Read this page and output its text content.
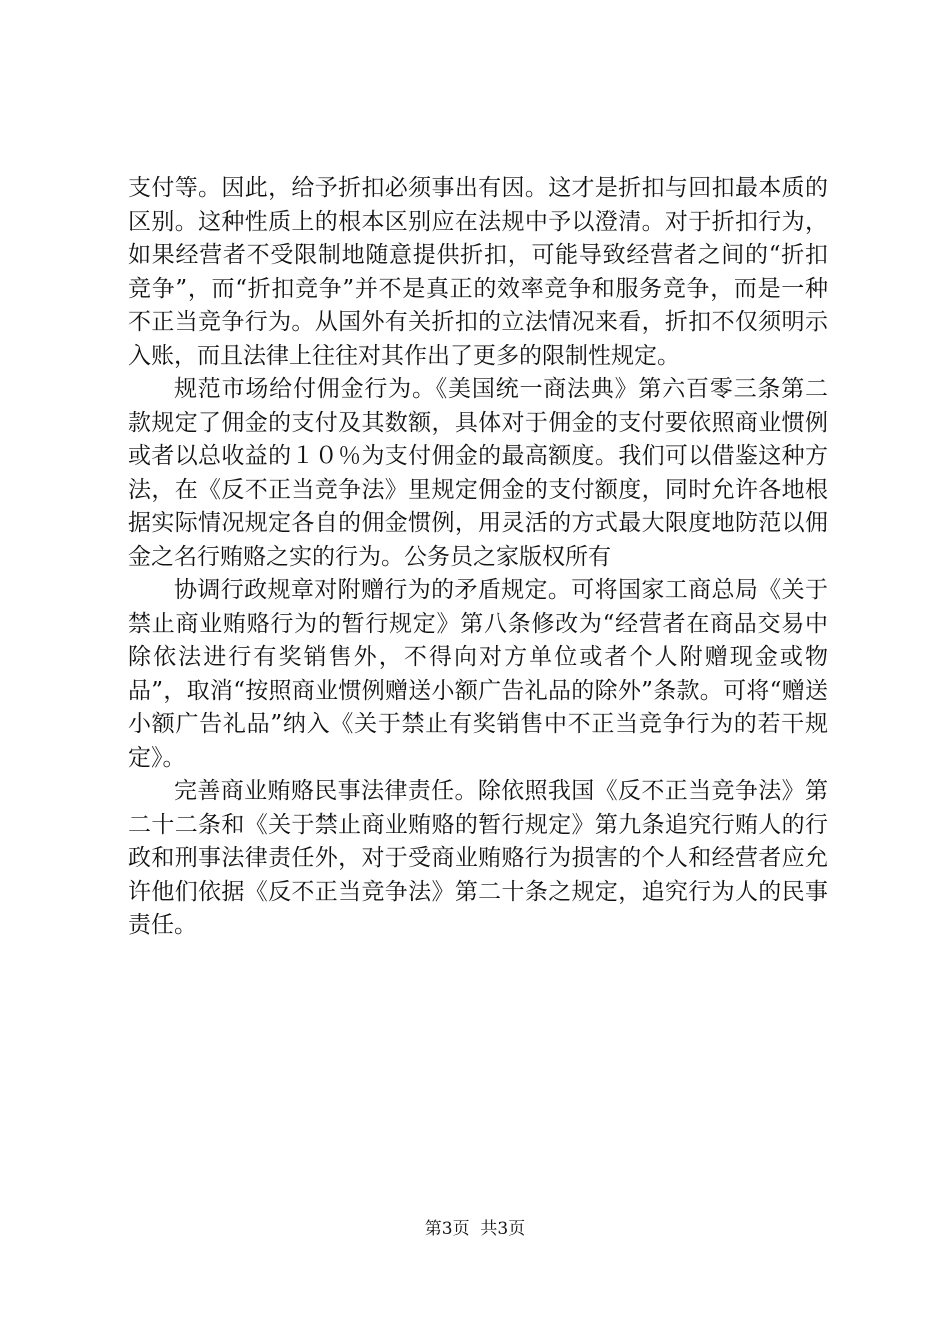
支付等。因此，给予折扣必须事出有因。这才是折扣与回扣最本质的区别。这种性质上的根本区别应在法规中予以澄清。对于折扣行为，如果经营者不受限制地随意提供折扣，可能导致经营者之间的“折扣竞争”，而“折扣竞争”并不是真正的效率竞争和服务竞争，而是一种不正当竞争行为。从国外有关折扣的立法情况来看，折扣不仅须明示入账，而且法律上往往对其作出了更多的限制性规定。

规范市场给付佣金行为。《美国统一商法典》第六百零三条第二款规定了佣金的支付及其数额，具体对于佣金的支付要依照商业惯例或者以总收益的１０％为支付佣金的最高额度。我们可以借鉴这种方法，在《反不正当竞争法》里规定佣金的支付额度，同时允许各地根据实际情况规定各自的佣金惯例，用灵活的方式最大限度地防范以佣金之名行贿赂之实的行为。公务员之家版权所有

协调行政规章对附赠行为的矛盾规定。可将国家工商总局《关于禁止商业贿赂行为的暂行规定》第八条修改为“经营者在商品交易中除依法进行有奖销售外，不得向对方单位或者个人附赠现金或物品”，取消“按照商业惯例赠送小额广告礼品的除外”条款。可将“赠送小额广告礼品”纳入《关于禁止有奖销售中不正当竞争行为的若干规定》。

完善商业贿赂民事法律责任。除依照我国《反不正当竞争法》第二十二条和《关于禁止商业贿赂的暂行规定》第九条追究行贿人的行政和刑事法律责任外，对于受商业贿赂行为损害的个人和经营者应允许他们依据《反不正当竞争法》第二十条之规定，追究行为人的民事责任。

第3页  共3页
